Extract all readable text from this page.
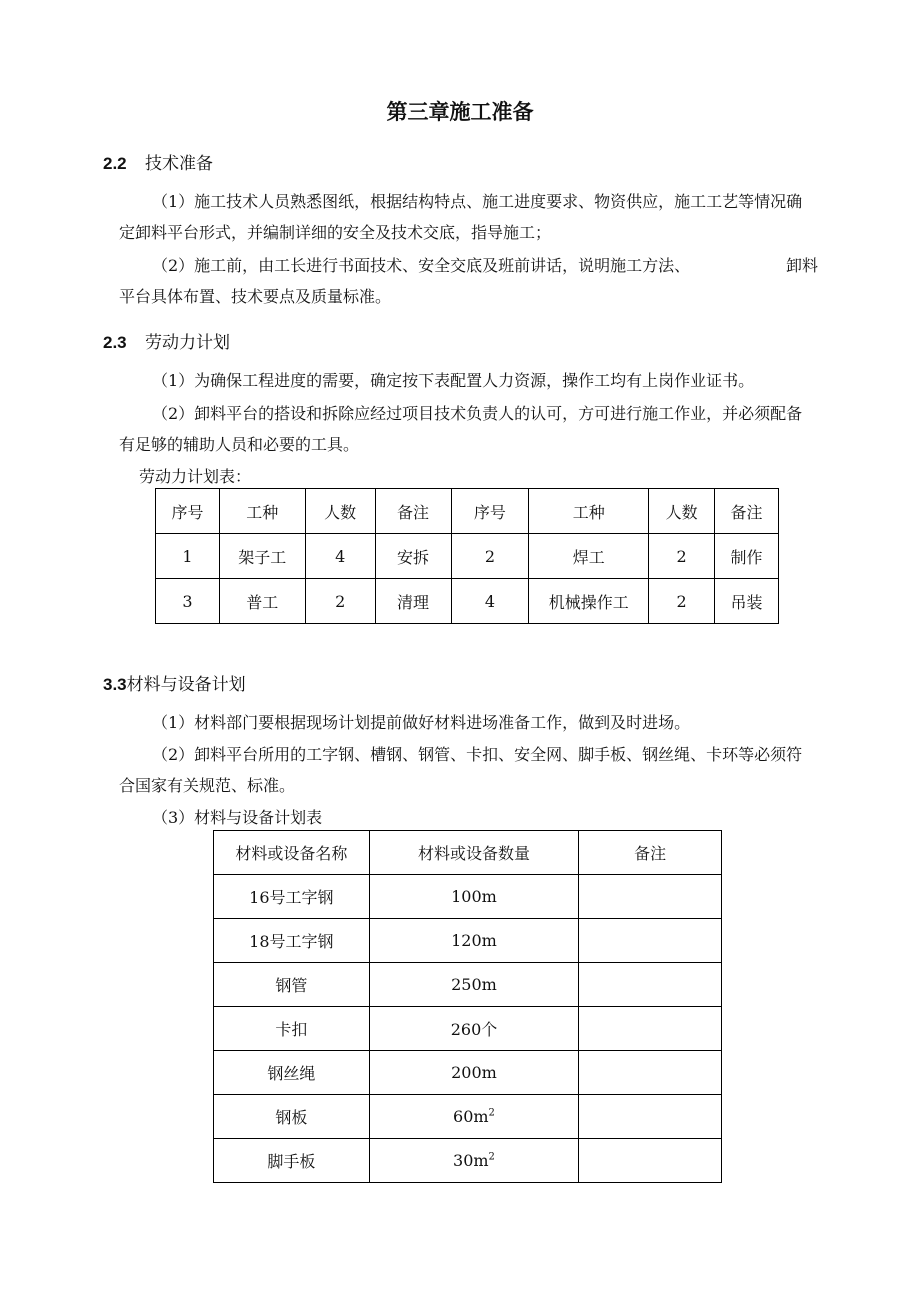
第三章施工准备
2.2 技术准备
（1）施工技术人员熟悉图纸，根据结构特点、施工进度要求、物资供应，施工工艺等情况确
定卸料平台形式，并编制详细的安全及技术交底，指导施工；
（2）施工前，由工长进行书面技术、安全交底及班前讲话，说明施工方法、	卸料
平台具体布置、技术要点及质量标准。
2.3 劳动力计划
（1）为确保工程进度的需要，确定按下表配置人力资源，操作工均有上岗作业证书。
（2）卸料平台的搭设和拆除应经过项目技术负责人的认可，方可进行施工作业，并必须配备
有足够的辅助人员和必要的工具。
劳动力计划表：
序号	工种	人数	备注	序号	工种	人数	备注
1	架子工	4	安拆	2	焊工	2	制作
3	普工	2	清理	4	机械操作工	2	吊装
3.3材料与设备计划
（1）材料部门要根据现场计划提前做好材料进场准备工作，做到及时进场。
（2）卸料平台所用的工字钢、槽钢、钢管、卡扣、安全网、脚手板、钢丝绳、卡环等必须符
合国家有关规范、标准。
（3）材料与设备计划表
材料或设备名称	材料或设备数量	备注
16号工字钢	100m	
18号工字钢	120m	
钢管	250m	
卡扣	260个	
钢丝绳	200m	
钢板	$60m^2$	
脚手板	$30m^2$	
